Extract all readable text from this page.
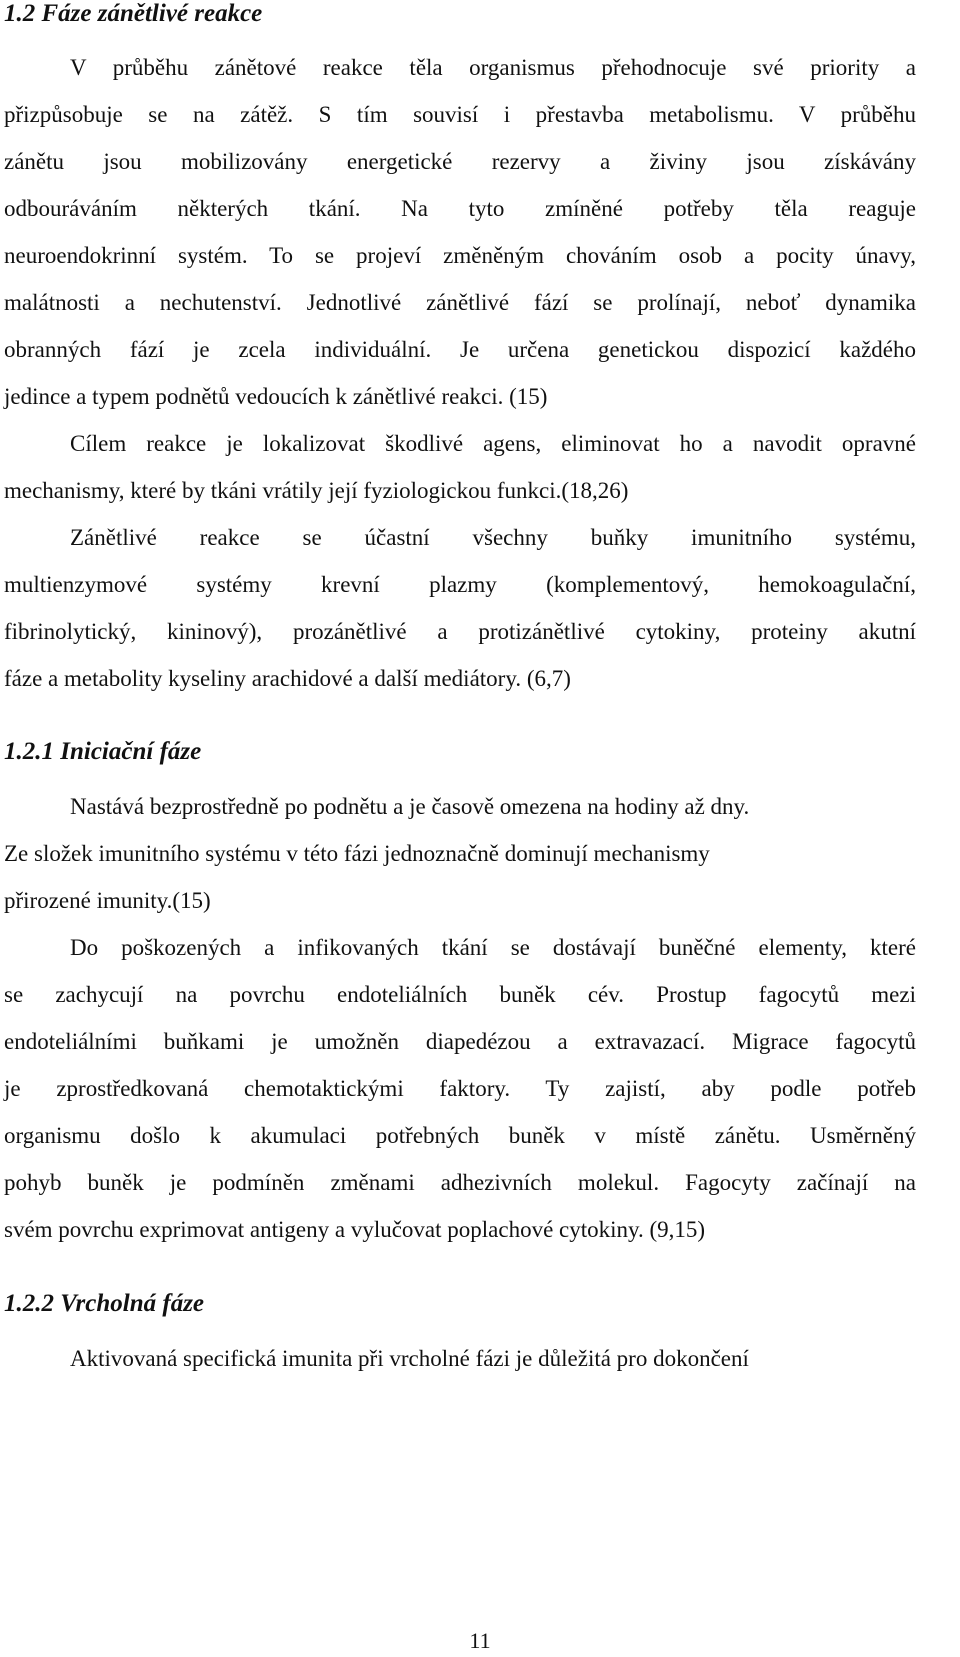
1.2 Fáze zánětlivé reakce

V průběhu zánětové reakce těla organismus přehodnocuje své priority a

přizpůsobuje se na zátěž. S tím souvisí i přestavba metabolismu. V průběhu

zánětu jsou mobilizovány energetické rezervy a živiny jsou získávány

odbouráváním některých tkání. Na tyto zmíněné potřeby těla reaguje

neuroendokrinní systém. To se projeví změněným chováním osob a pocity únavy,

malátnosti a nechutenství. Jednotlivé zánětlivé fází se prolínají, neboť dynamika

obranných fází je zcela individuální. Je určena genetickou dispozicí každého

jedince a typem podnětů vedoucích k zánětlivé reakci. (15)

Cílem reakce je lokalizovat škodlivé agens, eliminovat ho a navodit opravné

mechanismy, které by tkáni vrátily její fyziologickou funkci.(18,26)

Zánětlivé reakce se účastní všechny buňky imunitního systému,

multienzymové systémy krevní plazmy (komplementový, hemokoagulační,

fibrinolytický, kininový), prozánětlivé a protizánětlivé cytokiny, proteiny akutní

fáze a metabolity kyseliny arachidové a další mediátory. (6,7)

1.2.1 Iniciační fáze

Nastává bezprostředně po podnětu a je časově omezena na hodiny až dny.

Ze složek imunitního systému v této fázi jednoznačně dominují mechanismy

přirozené imunity.(15)

Do poškozených a infikovaných tkání se dostávají buněčné elementy, které

se zachycují na povrchu endoteliálních buněk cév. Prostup fagocytů mezi

endoteliálními buňkami je umožněn diapedézou a extravazací. Migrace fagocytů

je zprostředkovaná chemotaktickými faktory. Ty zajistí, aby podle potřeb

organismu došlo k akumulaci potřebných buněk v místě zánětu. Usměrněný

pohyb buněk je podmíněn změnami adhezivních molekul. Fagocyty začínají na

svém povrchu exprimovat antigeny a vylučovat poplachové cytokiny. (9,15)

1.2.2 Vrcholná fáze

Aktivovaná specifická imunita při vrcholné fázi je důležitá pro dokončení

11
